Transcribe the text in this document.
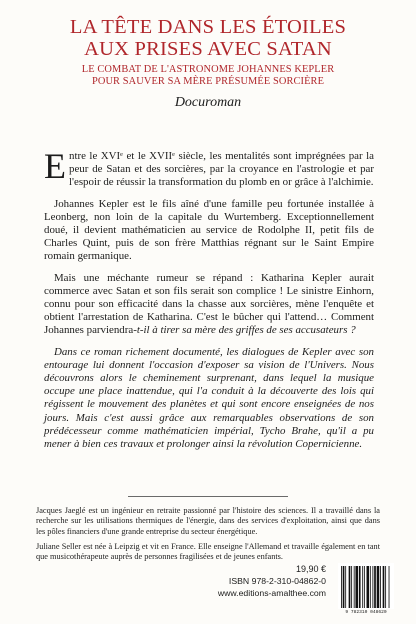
LA TÊTE DANS LES ÉTOILES
AUX PRISES AVEC SATAN
LE COMBAT DE L'ASTRONOME JOHANNES KEPLER
POUR SAUVER SA MÈRE PRÉSUMÉE SORCIÈRE
Docuroman

Entre le XVIᵉ et le XVIIᵉ siècle, les mentalités sont imprégnées par la peur de Satan et des sorcières, par la croyance en l'astrologie et par l'espoir de réussir la transformation du plomb en or grâce à l'alchimie.

Johannes Kepler est le fils aîné d'une famille peu fortunée installée à Leonberg, non loin de la capitale du Wurtemberg. Exceptionnellement doué, il devient mathématicien au service de Rodolphe II, petit fils de Charles Quint, puis de son frère Matthias régnant sur le Saint Empire romain germanique.

Mais une méchante rumeur se répand : Katharina Kepler aurait commerce avec Satan et son fils serait son complice ! Le sinistre Einhorn, connu pour son efficacité dans la chasse aux sorcières, mène l'enquête et obtient l'arrestation de Katharina. C'est le bûcher qui l'attend… Comment Johannes parviendra-t-il à tirer sa mère des griffes de ses accusateurs ?

Dans ce roman richement documenté, les dialogues de Kepler avec son entourage lui donnent l'occasion d'exposer sa vision de l'Univers. Nous découvrons alors le cheminement surprenant, dans lequel la musique occupe une place inattendue, qui l'a conduit à la découverte des lois qui régissent le mouvement des planètes et qui sont encore enseignées de nos jours. Mais c'est aussi grâce aux remarquables observations de son prédécesseur comme mathématicien impérial, Tycho Brahe, qu'il a pu mener à bien ces travaux et prolonger ainsi la révolution Copernicienne.

Jacques Jaeglé est un ingénieur en retraite passionné par l'histoire des sciences. Il a travaillé dans la recherche sur les utilisations thermiques de l'énergie, dans des services d'exploitation, ainsi que dans les pôles financiers d'une grande entreprise du secteur énergétique.

Juliane Seller est née à Leipzig et vit en France. Elle enseigne l'Allemand et travaille également en tant que musicothérapeute auprès de personnes fragilisées et de jeunes enfants.

19,90 €
ISBN 978-2-310-04862-0
www.editions-amalthee.com
9 782310 048620
